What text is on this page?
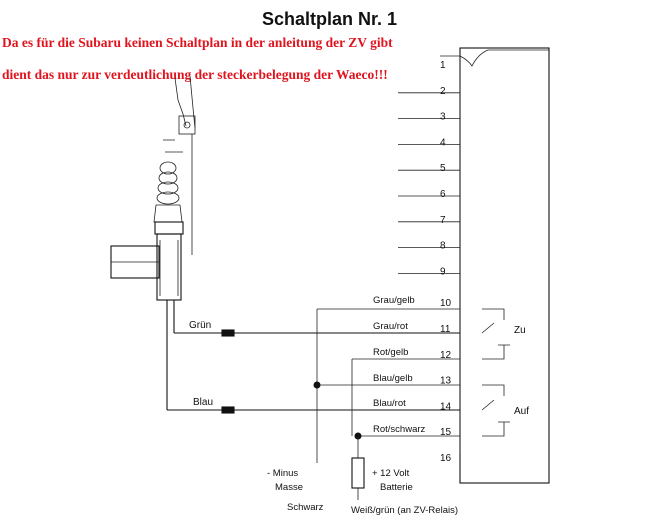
Schaltplan Nr. 1
1
2
3
4
5
6
7
8
9
10
11
12
13
14
15
16
Da es für die Subaru keinen Schaltplan in der anleitung der ZV gibt
dient das nur zur verdeutlichung der steckerbelegung der Waeco!!!
Grün
Blau
Zu
Auf
Grau/gelb
Grau/rot
Rot/gelb
Blau/gelb
Blau/rot
Rot/schwarz
- Minus
Masse
Schwarz
+ 12 Volt
Batterie
Weiß/grün (an ZV-Relais)
